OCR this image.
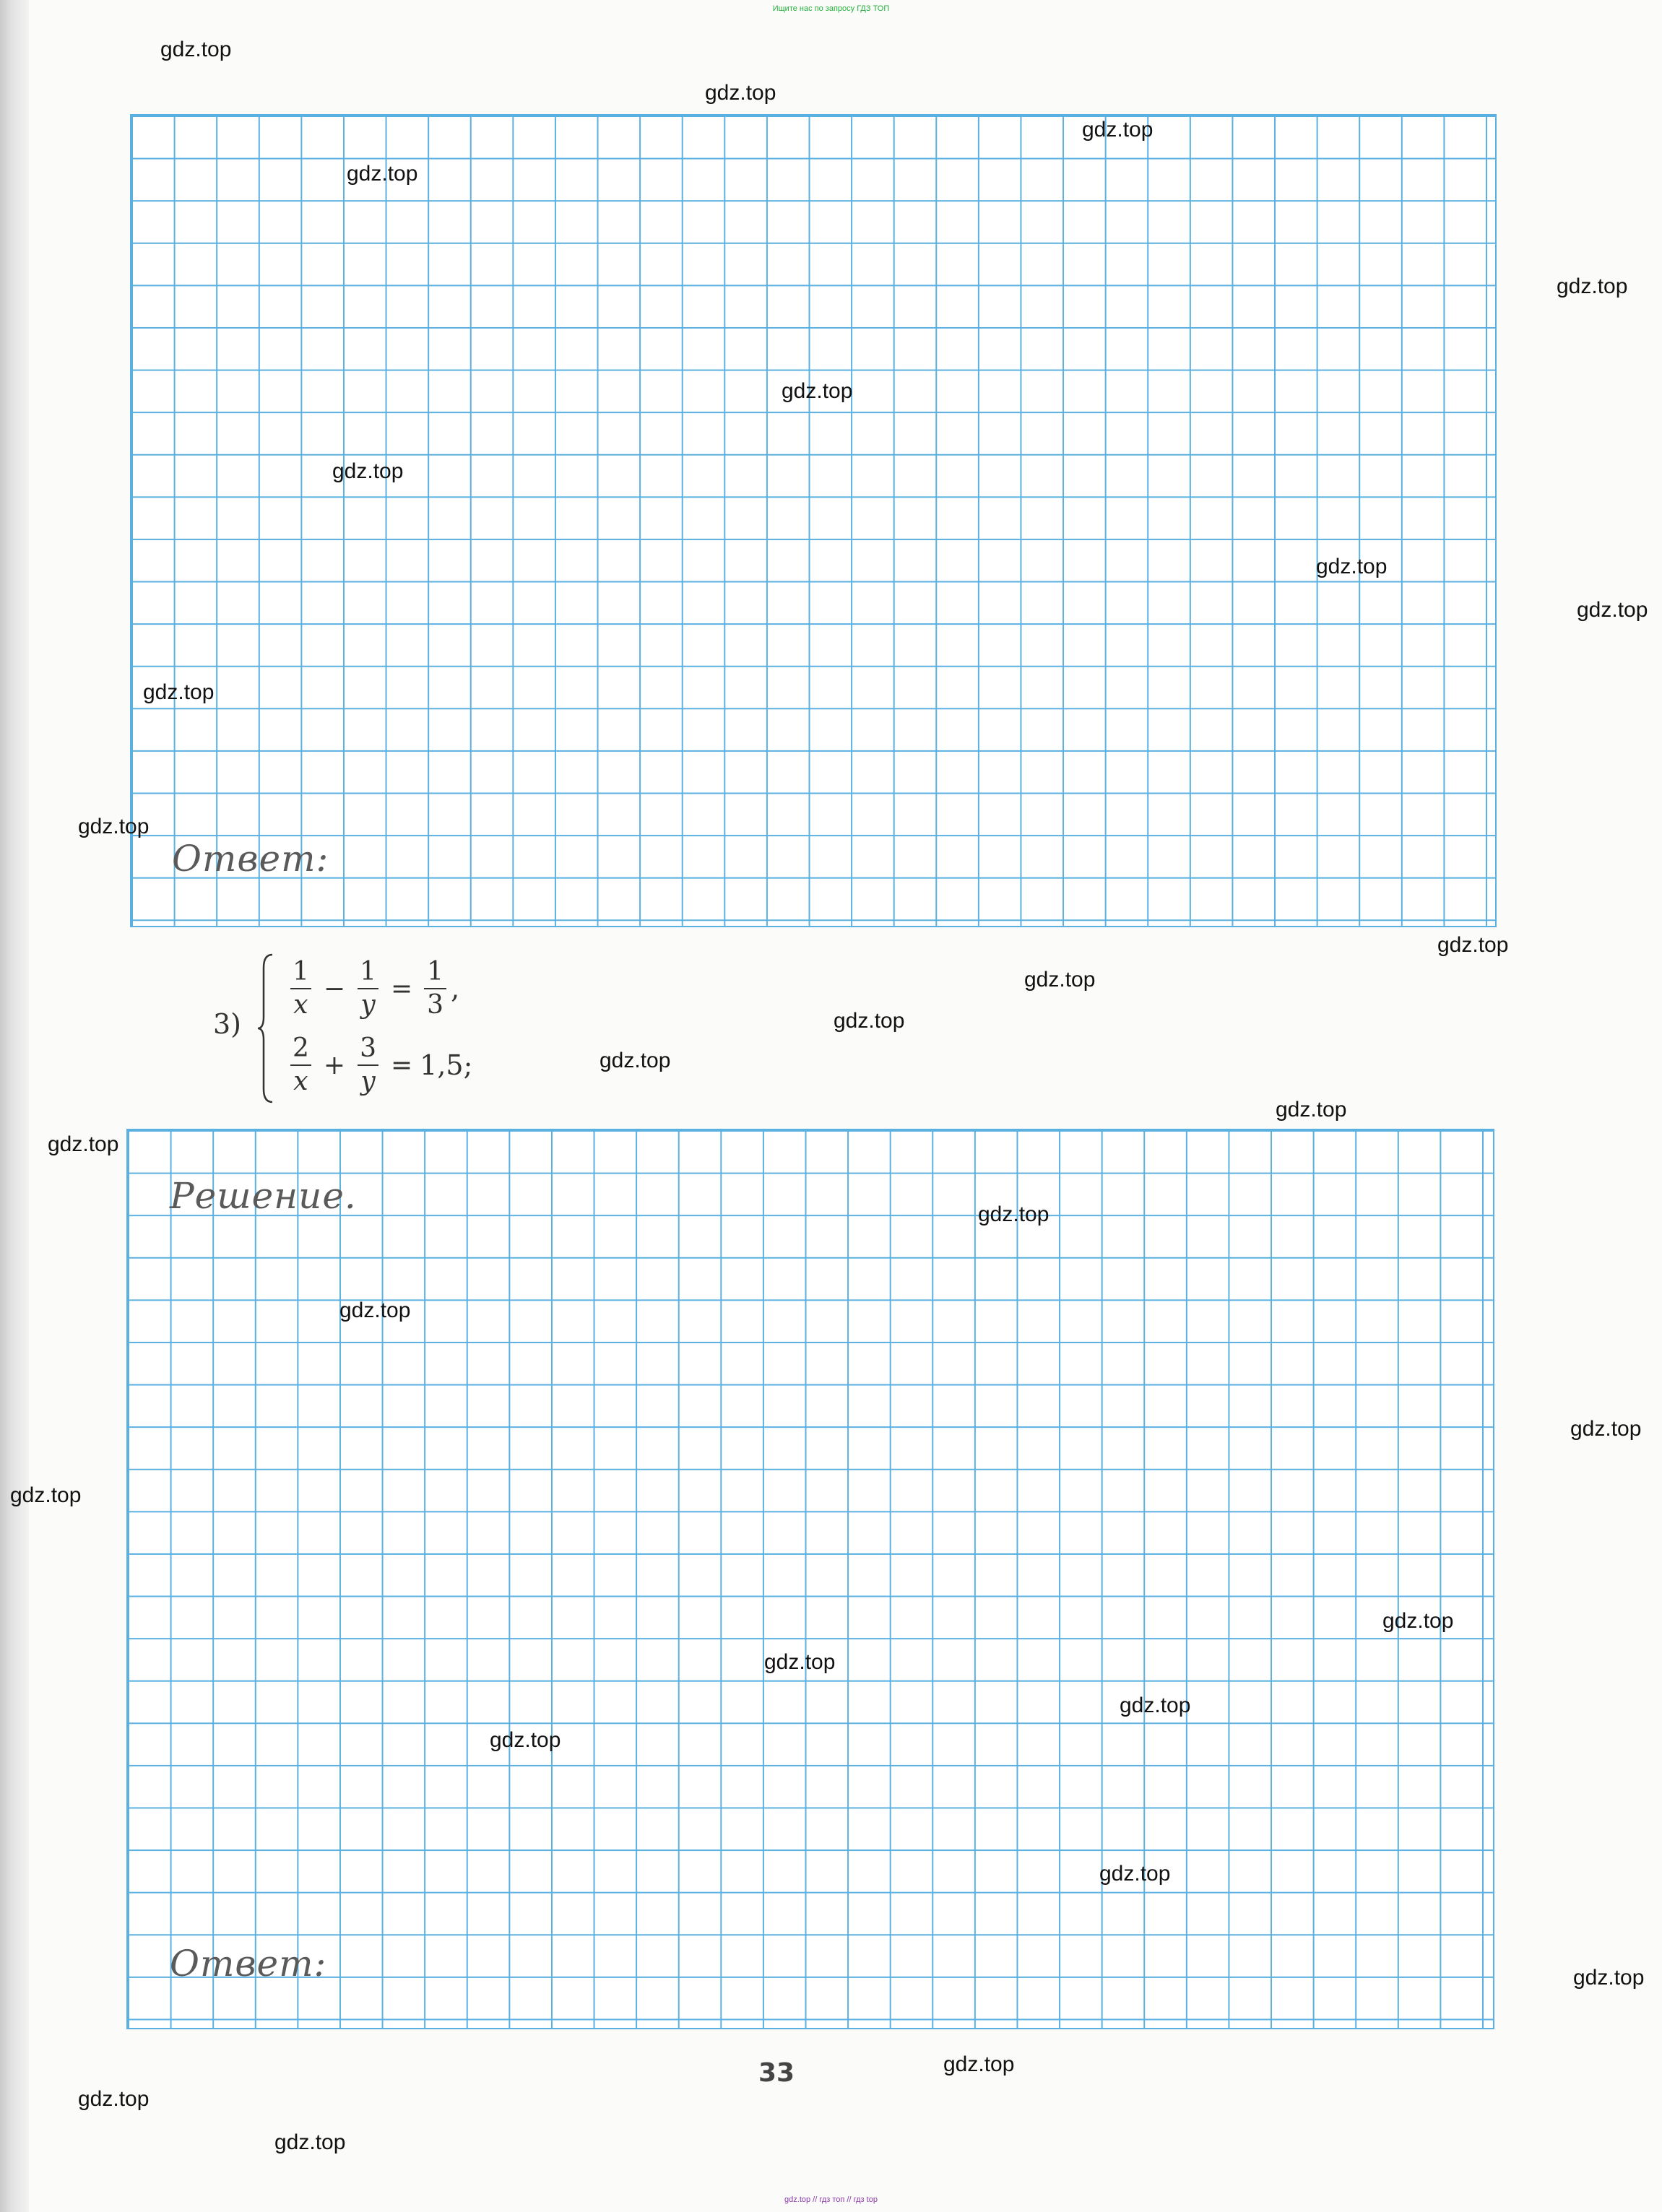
Ищите нас по запросу ГДЗ ТОП
Ответ:
3)
$\frac{1}{x} - \frac{1}{y} = \frac{1}{3}$ ,
$\frac{2}{x} + \frac{3}{y} = 1,5$;
Решение.
Ответ:
33
gdz.top
gdz.top
gdz.top
gdz.top
gdz.top
gdz.top
gdz.top
gdz.top
gdz.top
gdz.top
gdz.top
gdz.top
gdz.top
gdz.top
gdz.top
gdz.top
gdz.top
gdz.top
gdz.top
gdz.top
gdz.top
gdz.top
gdz.top
gdz.top
gdz.top
gdz.top
gdz.top
gdz.top
gdz.top
gdz.top
gdz.top // гдз топ // гдз top
